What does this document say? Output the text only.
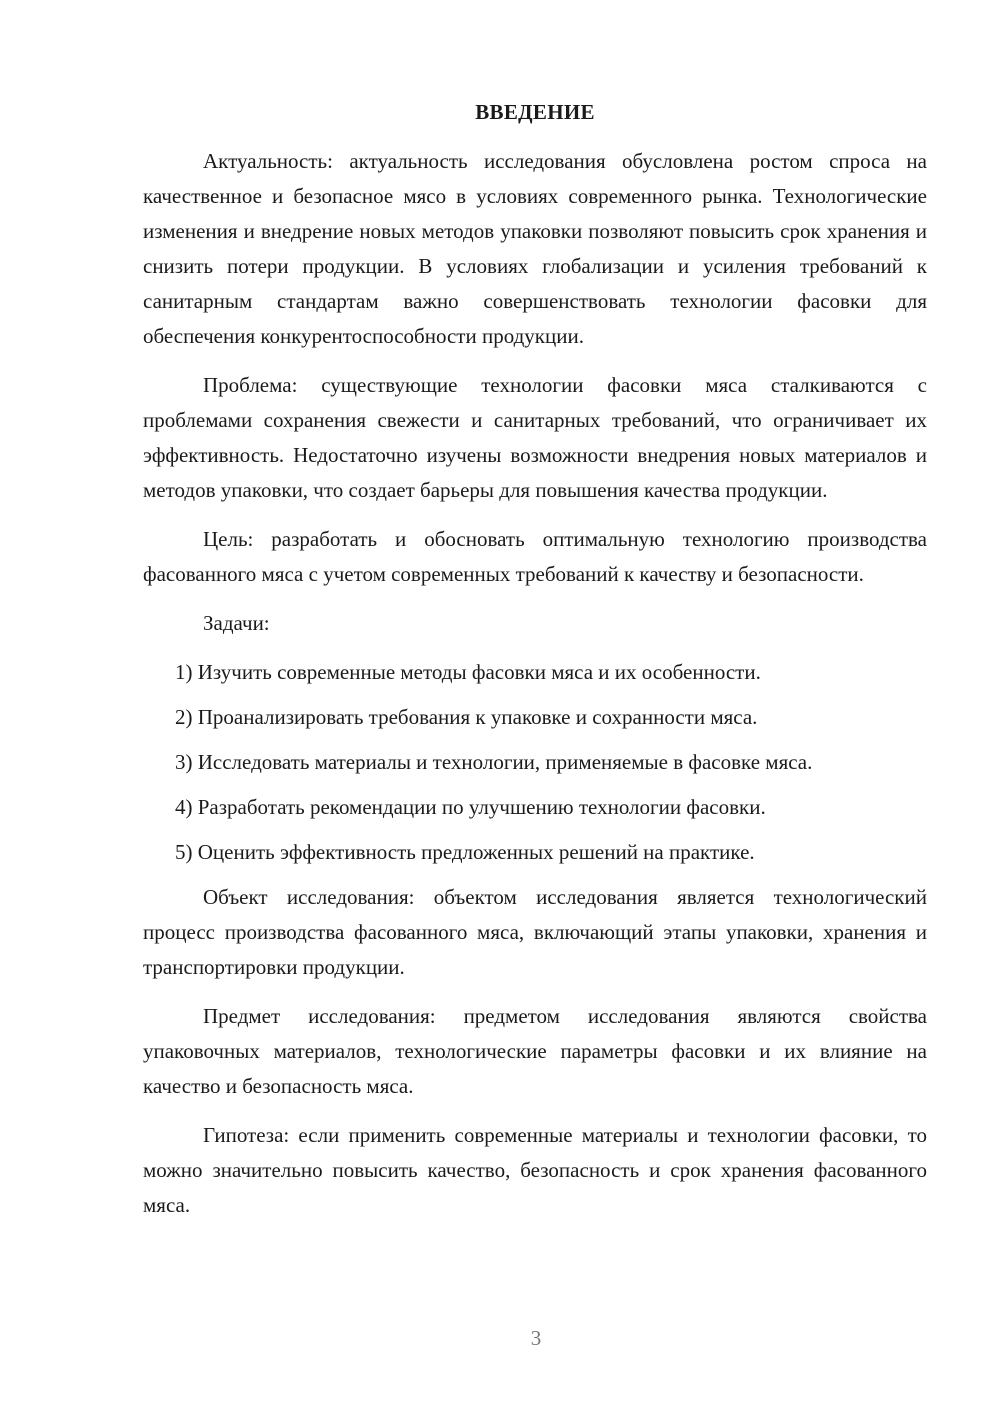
ВВЕДЕНИЕ

Актуальность: актуальность исследования обусловлена ростом спроса на качественное и безопасное мясо в условиях современного рынка. Технологические изменения и внедрение новых методов упаковки позволяют повысить срок хранения и снизить потери продукции. В условиях глобализации и усиления требований к санитарным стандартам важно совершенствовать технологии фасовки для обеспечения конкурентоспособности продукции.

Проблема: существующие технологии фасовки мяса сталкиваются с проблемами сохранения свежести и санитарных требований, что ограничивает их эффективность. Недостаточно изучены возможности внедрения новых материалов и методов упаковки, что создает барьеры для повышения качества продукции.

Цель: разработать и обосновать оптимальную технологию производства фасованного мяса с учетом современных требований к качеству и безопасности.

Задачи:

1) Изучить современные методы фасовки мяса и их особенности.
2) Проанализировать требования к упаковке и сохранности мяса.
3) Исследовать материалы и технологии, применяемые в фасовке мяса.
4) Разработать рекомендации по улучшению технологии фасовки.
5) Оценить эффективность предложенных решений на практике.

Объект исследования: объектом исследования является технологический процесс производства фасованного мяса, включающий этапы упаковки, хранения и транспортировки продукции.

Предмет исследования: предметом исследования являются свойства упаковочных материалов, технологические параметры фасовки и их влияние на качество и безопасность мяса.

Гипотеза: если применить современные материалы и технологии фасовки, то можно значительно повысить качество, безопасность и срок хранения фасованного мяса.

3
